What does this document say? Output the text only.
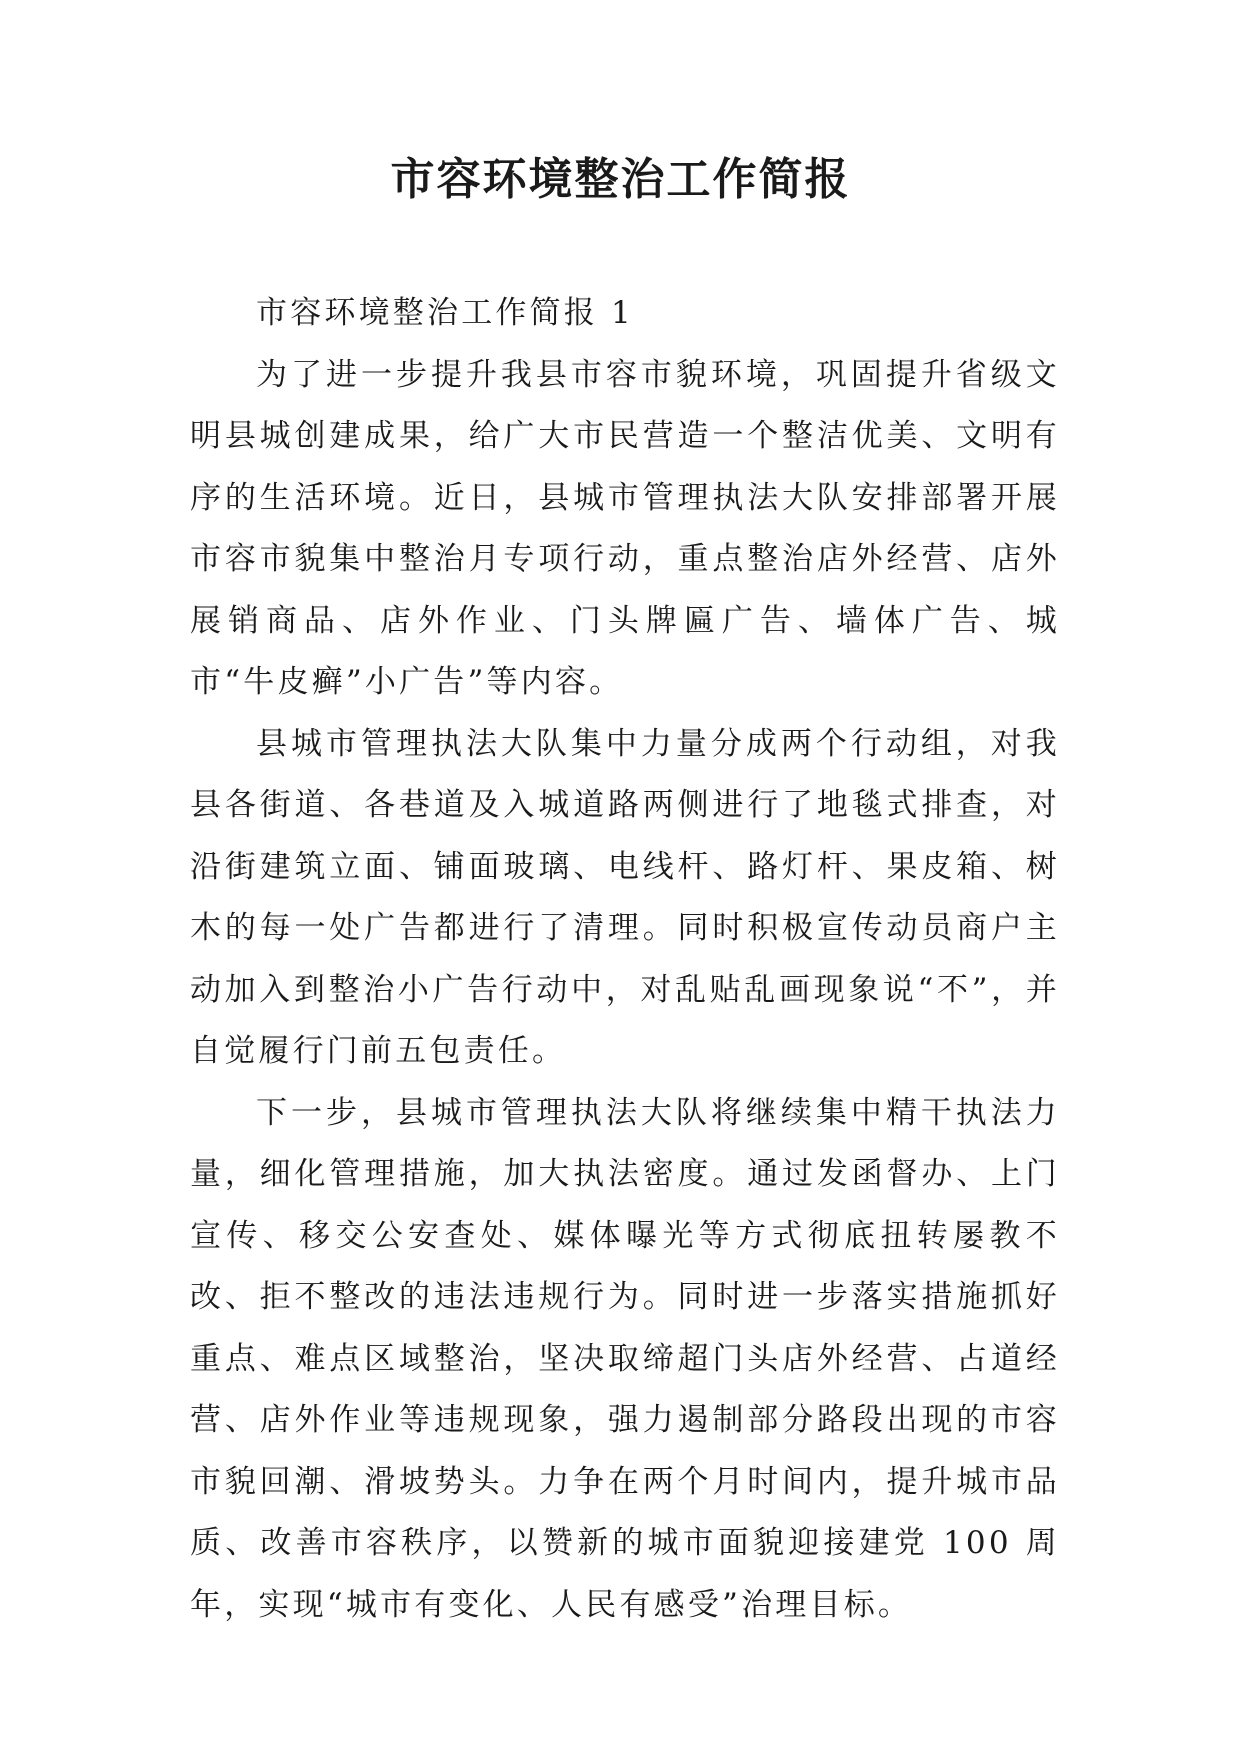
市容环境整治工作简报

市容环境整治工作简报 1

为了进一步提升我县市容市貌环境，巩固提升省级文明县城创建成果，给广大市民营造一个整洁优美、文明有序的生活环境。近日，县城市管理执法大队安排部署开展市容市貌集中整治月专项行动，重点整治店外经营、店外展销商品、店外作业、门头牌匾广告、墙体广告、城市“牛皮癣”小广告”等内容。

县城市管理执法大队集中力量分成两个行动组，对我县各街道、各巷道及入城道路两侧进行了地毯式排查，对沿街建筑立面、铺面玻璃、电线杆、路灯杆、果皮箱、树木的每一处广告都进行了清理。同时积极宣传动员商户主动加入到整治小广告行动中，对乱贴乱画现象说“不”，并自觉履行门前五包责任。

下一步，县城市管理执法大队将继续集中精干执法力量，细化管理措施，加大执法密度。通过发函督办、上门宣传、移交公安查处、媒体曝光等方式彻底扭转屡教不改、拒不整改的违法违规行为。同时进一步落实措施抓好重点、难点区域整治，坚决取缔超门头店外经营、占道经营、店外作业等违规现象，强力遏制部分路段出现的市容市貌回潮、滑坡势头。力争在两个月时间内，提升城市品质、改善市容秩序，以赞新的城市面貌迎接建党 100 周年，实现“城市有变化、人民有感受”治理目标。
